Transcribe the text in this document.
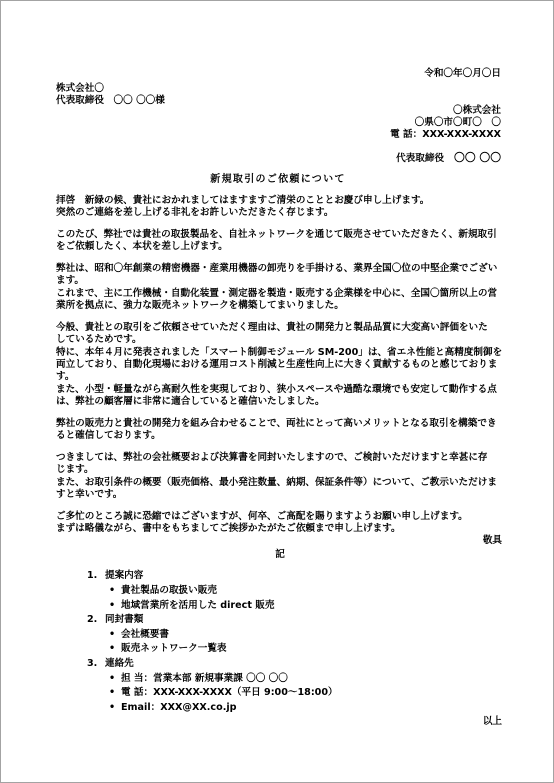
令和〇年〇月〇日
株式会社〇
代表取締役　〇〇 〇〇様
〇株式会社
〇県〇市〇町〇　〇
電 話：XXX-XXX-XXXX
代表取締役 〇〇 〇〇
新規取引のご依頼について
拝啓　新緑の候、貴社におかれましてはますますご清栄のこととお慶び申し上げます。
突然のご連絡を差し上げる非礼をお許しいただきたく存じます。
このたび、弊社では貴社の取扱製品を、自社ネットワークを通じて販売させていただきたく、新規取引
をご依頼したく、本状を差し上げます。
弊社は、昭和〇年創業の精密機器・産業用機器の卸売りを手掛ける、業界全国〇位の中堅企業でござい
ます。
これまで、主に工作機械・自動化装置・測定器を製造・販売する企業様を中心に、全国〇箇所以上の営
業所を拠点に、強力な販売ネットワークを構築してまいりました。
今般、貴社との取引をご依頼させていただく理由は、貴社の開発力と製品品質に大変高い評価をいた
しているためです。
特に、本年４月に発表されました「スマート制御モジュール SM-200」は、省エネ性能と高精度制御を
両立しており、自動化現場における運用コスト削減と生産性向上に大きく貢献するものと感じておりま
す。
また、小型・軽量ながら高耐久性を実現しており、狭小スペースや過酷な環境でも安定して動作する点
は、弊社の顧客層に非常に適合していると確信いたしました。
弊社の販売力と貴社の開発力を組み合わせることで、両社にとって高いメリットとなる取引を構築でき
ると確信しております。
つきましては、弊社の会社概要および決算書を同封いたしますので、ご検討いただけますと幸甚に存
じます。
また、お取引条件の概要（販売価格、最小発注数量、納期、保証条件等）について、ご教示いただけま
すと幸いです。
ご多忙のところ誠に恐縮ではございますが、何卒、ご高配を賜りますようお願い申し上げます。
まずは略儀ながら、書中をもちましてご挨拶かたがたご依頼まで申し上げます。
敬具
記
1. 提案内容
• 貴社製品の取扱い販売
• 地域営業所を活用した direct 販売
2. 同封書類
• 会社概要書
• 販売ネットワーク一覧表
3. 連絡先
• 担 当：営業本部 新規事業課 〇〇 〇〇
• 電 話：XXX-XXX-XXXX（平日 9:00～18:00）
• Email：XXX@XX.co.jp
以上
